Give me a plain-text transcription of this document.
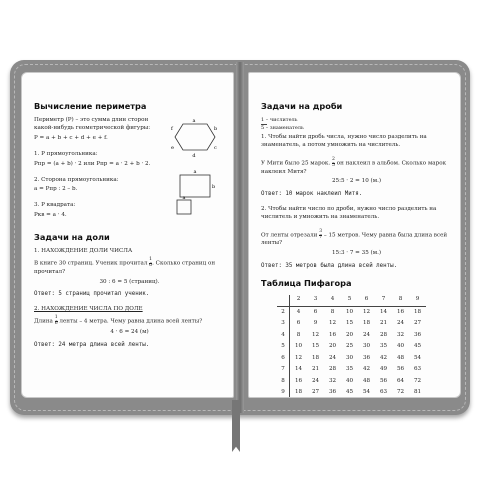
Вычисление периметра
Периметр (P) – это сумма длин сторон какой-нибудь геометрической фигуры:
P = a + b + c + d + e + f.
1. P прямоугольника:
Pпр = (a + b) · 2 или Pпр = a · 2 + b · 2.
2. Сторона прямоугольника:
a = Pпр : 2 – b.
3. P квадрата:
Pкв = a · 4.
Задачи на доли
1. НАХОЖДЕНИЕ ДОЛИ ЧИСЛА
В книге 30 страниц. Ученик прочитал $\frac{1}{6}$ . Сколько страниц он прочитал?
30 : 6 = 5 (страниц).
Ответ: 5 страниц прочитал ученик.
2. НАХОЖДЕНИЕ ЧИСЛА ПО ДОЛЕ
Длина $\frac{1}{6}$ ленты – 4 метра. Чему равна длина всей ленты?
4 · 6 = 24 (м)
Ответ: 24 метра длина всей ленты.
a
b
c
d
e
f
a
b
a
Задачи на дроби
1 – числитель
5 – знаменатель
1. Чтобы найти дробь числа, нужно число разделить на знаменатель, а потом умножить на числитель.
У Мити было 25 марок. $\frac{2}{5}$ он наклеил в альбом. Сколько марок наклеил Митя?
25:5 · 2 = 10 (м.)
Ответ: 10 марок наклеил Митя.
2. Чтобы найти число по дроби, нужно число разделить на числитель и умножить на знаменатель.
От ленты отрезали $\frac{3}{7} - 15$ метров. Чему равна была длина всей ленты?
15:3 · 7 = 35 (м.)
Ответ: 35 метров была длина всей ленты.
Таблица Пифагора
	2	3	4	5	6	7	8	9
2	4	6	8	10	12	14	16	18
3	6	9	12	15	18	21	24	27
4	8	12	16	20	24	28	32	36
5	10	15	20	25	30	35	40	45
6	12	18	24	30	36	42	48	54
7	14	21	28	35	42	49	56	63
8	16	24	32	40	48	56	64	72
9	18	27	36	45	54	63	72	81
